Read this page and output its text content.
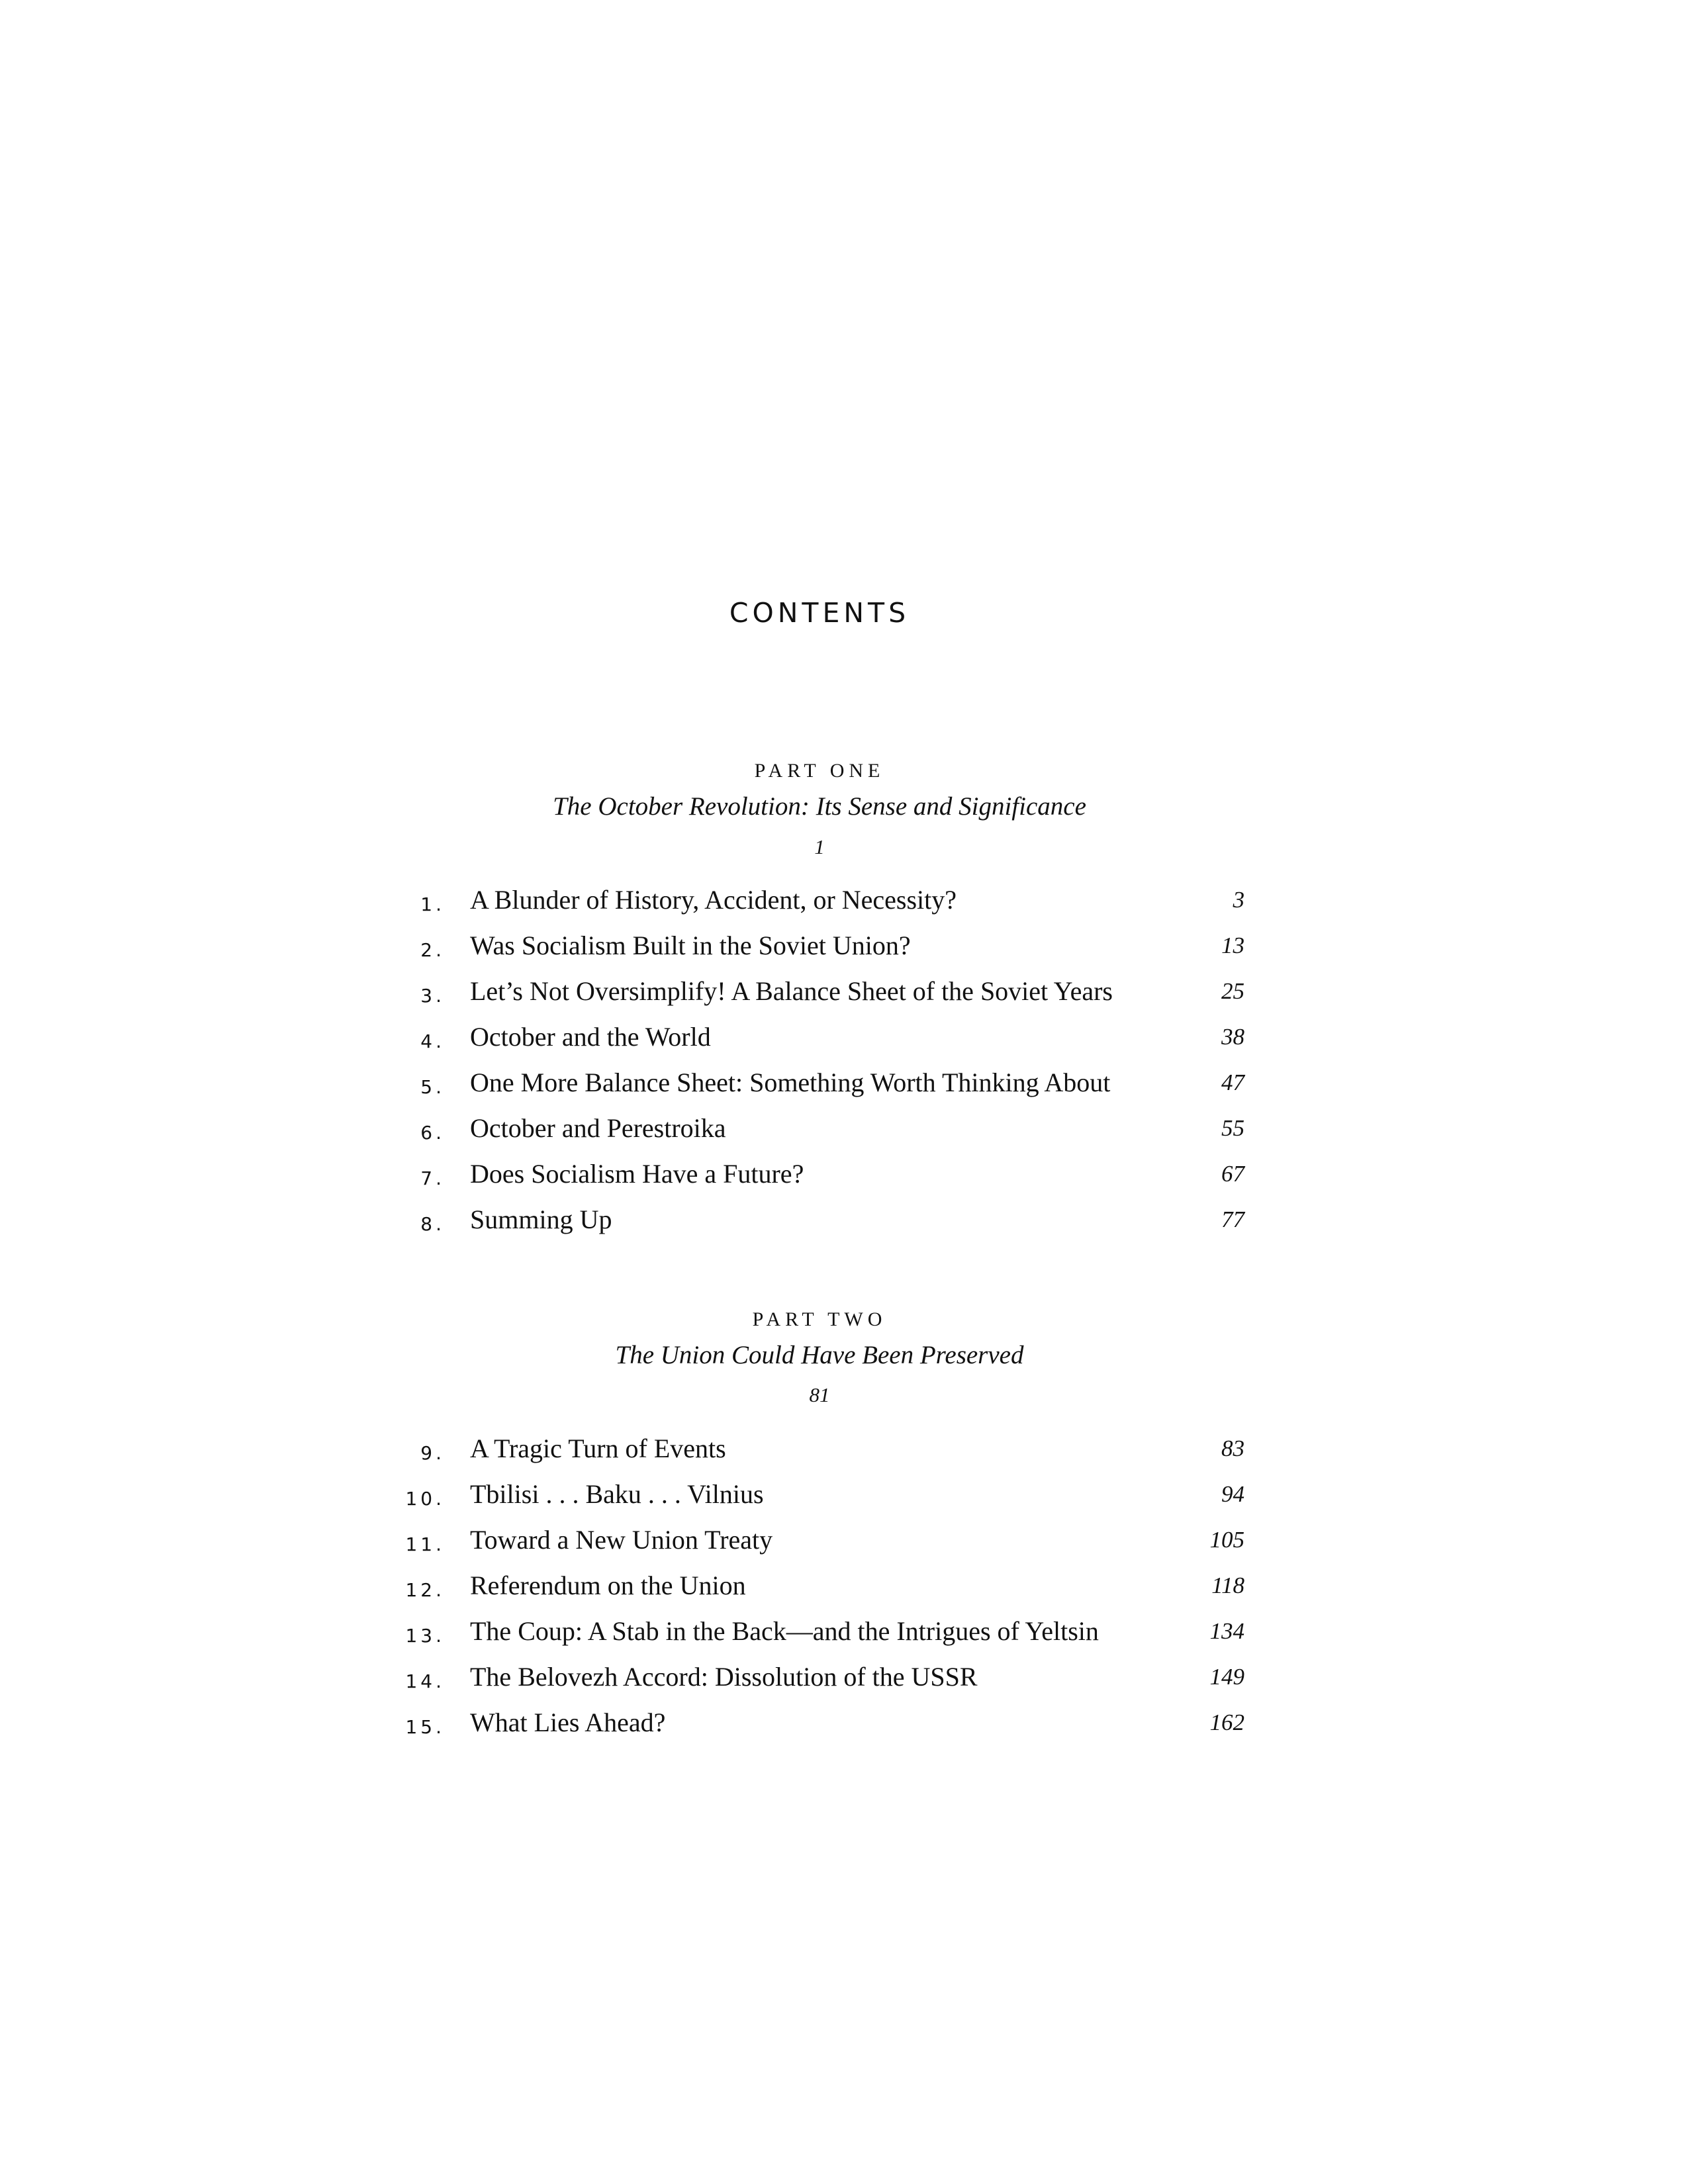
CONTENTS
PART ONE
The October Revolution: Its Sense and Significance
1
1. A Blunder of History, Accident, or Necessity?	3
2. Was Socialism Built in the Soviet Union?	13
3. Let’s Not Oversimplify! A Balance Sheet of the Soviet Years	25
4. October and the World	38
5. One More Balance Sheet: Something Worth Thinking About	47
6. October and Perestroika	55
7. Does Socialism Have a Future?	67
8. Summing Up	77
PART TWO
The Union Could Have Been Preserved
81
9. A Tragic Turn of Events	83
10. Tbilisi . . . Baku . . . Vilnius	94
11. Toward a New Union Treaty	105
12. Referendum on the Union	118
13. The Coup: A Stab in the Back—and the Intrigues of Yeltsin	134
14. The Belovezh Accord: Dissolution of the USSR	149
15. What Lies Ahead?	162
